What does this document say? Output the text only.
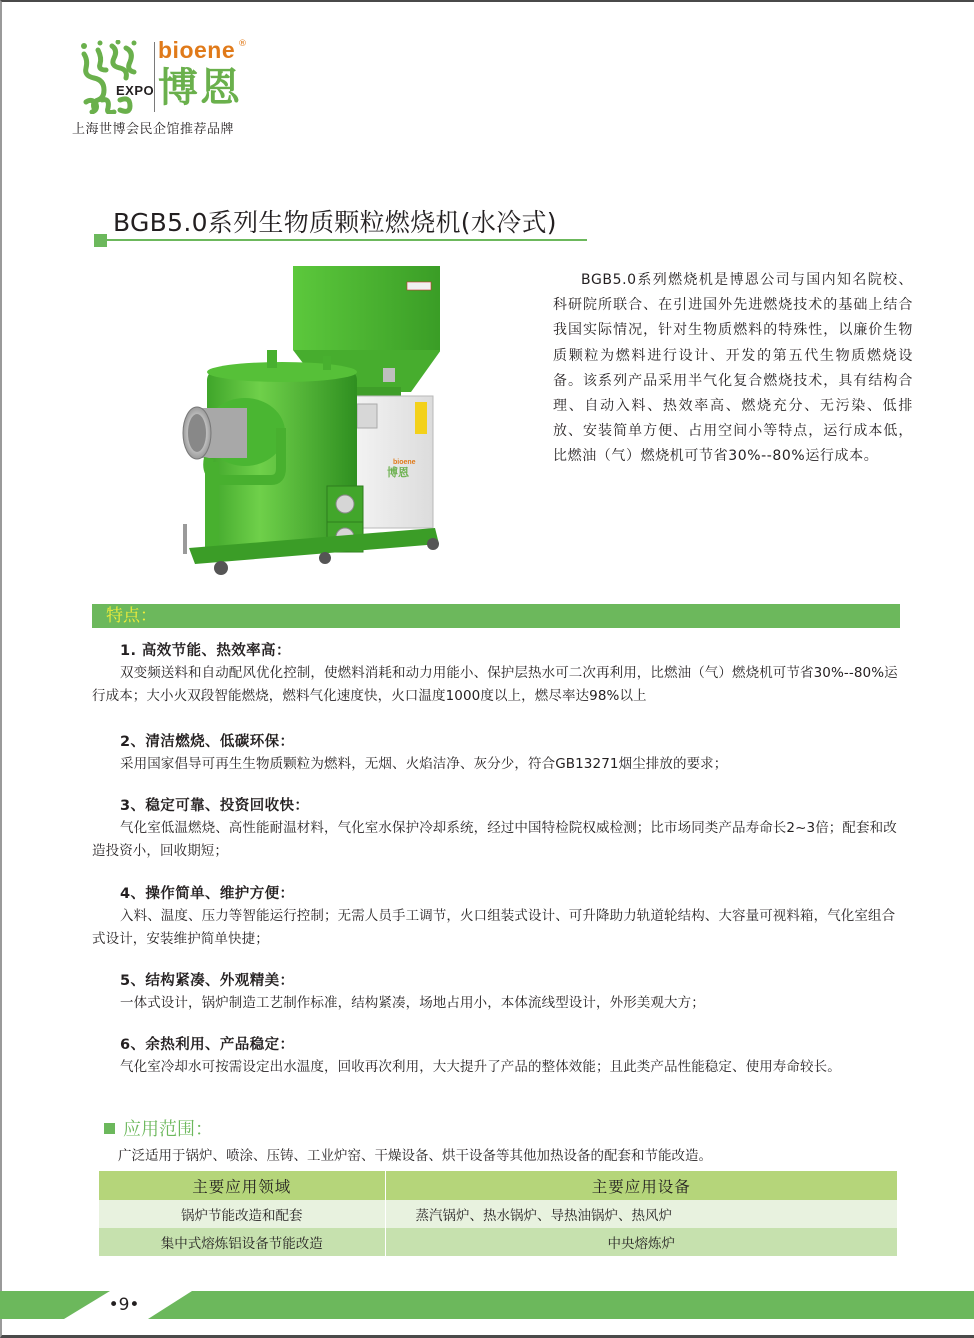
EXPO
bioene ®
博恩
上海世博会民企馆推荐品牌
BGB5.0系列生物质颗粒燃烧机(水冷式)
bioene
博恩

BGB5.0系列燃烧机是博恩公司与国内知名院校、科研院所联合、在引进国外先进燃烧技术的基础上结合我国实际情况，针对生物质燃料的特殊性，以廉价生物质颗粒为燃料进行设计、开发的第五代生物质燃烧设备。该系列产品采用半气化复合燃烧技术，具有结构合理、自动入料、热效率高、燃烧充分、无污染、低排放、安装简单方便、占用空间小等特点，运行成本低，比燃油（气）燃烧机可节省30%--80%运行成本。

特点：
1. 高效节能、热效率高：

双变频送料和自动配风优化控制，使燃料消耗和动力用能小、保护层热水可二次再利用，比燃油（气）燃烧机可节省30%--80%运行成本；大小火双段智能燃烧，燃料气化速度快，火口温度1000度以上，燃尽率达98%以上

2、清洁燃烧、低碳环保：

采用国家倡导可再生生物质颗粒为燃料，无烟、火焰洁净、灰分少，符合GB13271烟尘排放的要求；

3、稳定可靠、投资回收快：

气化室低温燃烧、高性能耐温材料，气化室水保护冷却系统，经过中国特检院权威检测；比市场同类产品寿命长2~3倍；配套和改造投资小，回收期短；

4、操作简单、维护方便：

入料、温度、压力等智能运行控制；无需人员手工调节，火口组装式设计、可升降助力轨道轮结构、大容量可视料箱，气化室组合式设计，安装维护简单快捷；

5、结构紧凑、外观精美：

一体式设计，锅炉制造工艺制作标准，结构紧凑，场地占用小，本体流线型设计，外形美观大方；

6、余热利用、产品稳定：

气化室冷却水可按需设定出水温度，回收再次利用，大大提升了产品的整体效能；且此类产品性能稳定、使用寿命较长。

应用范围：
广泛适用于锅炉、喷涂、压铸、工业炉窑、干燥设备、烘干设备等其他加热设备的配套和节能改造。
主要应用领域	主要应用设备
锅炉节能改造和配套	蒸汽锅炉、热水锅炉、导热油锅炉、热风炉
集中式熔炼铝设备节能改造	中央熔炼炉
•9•
